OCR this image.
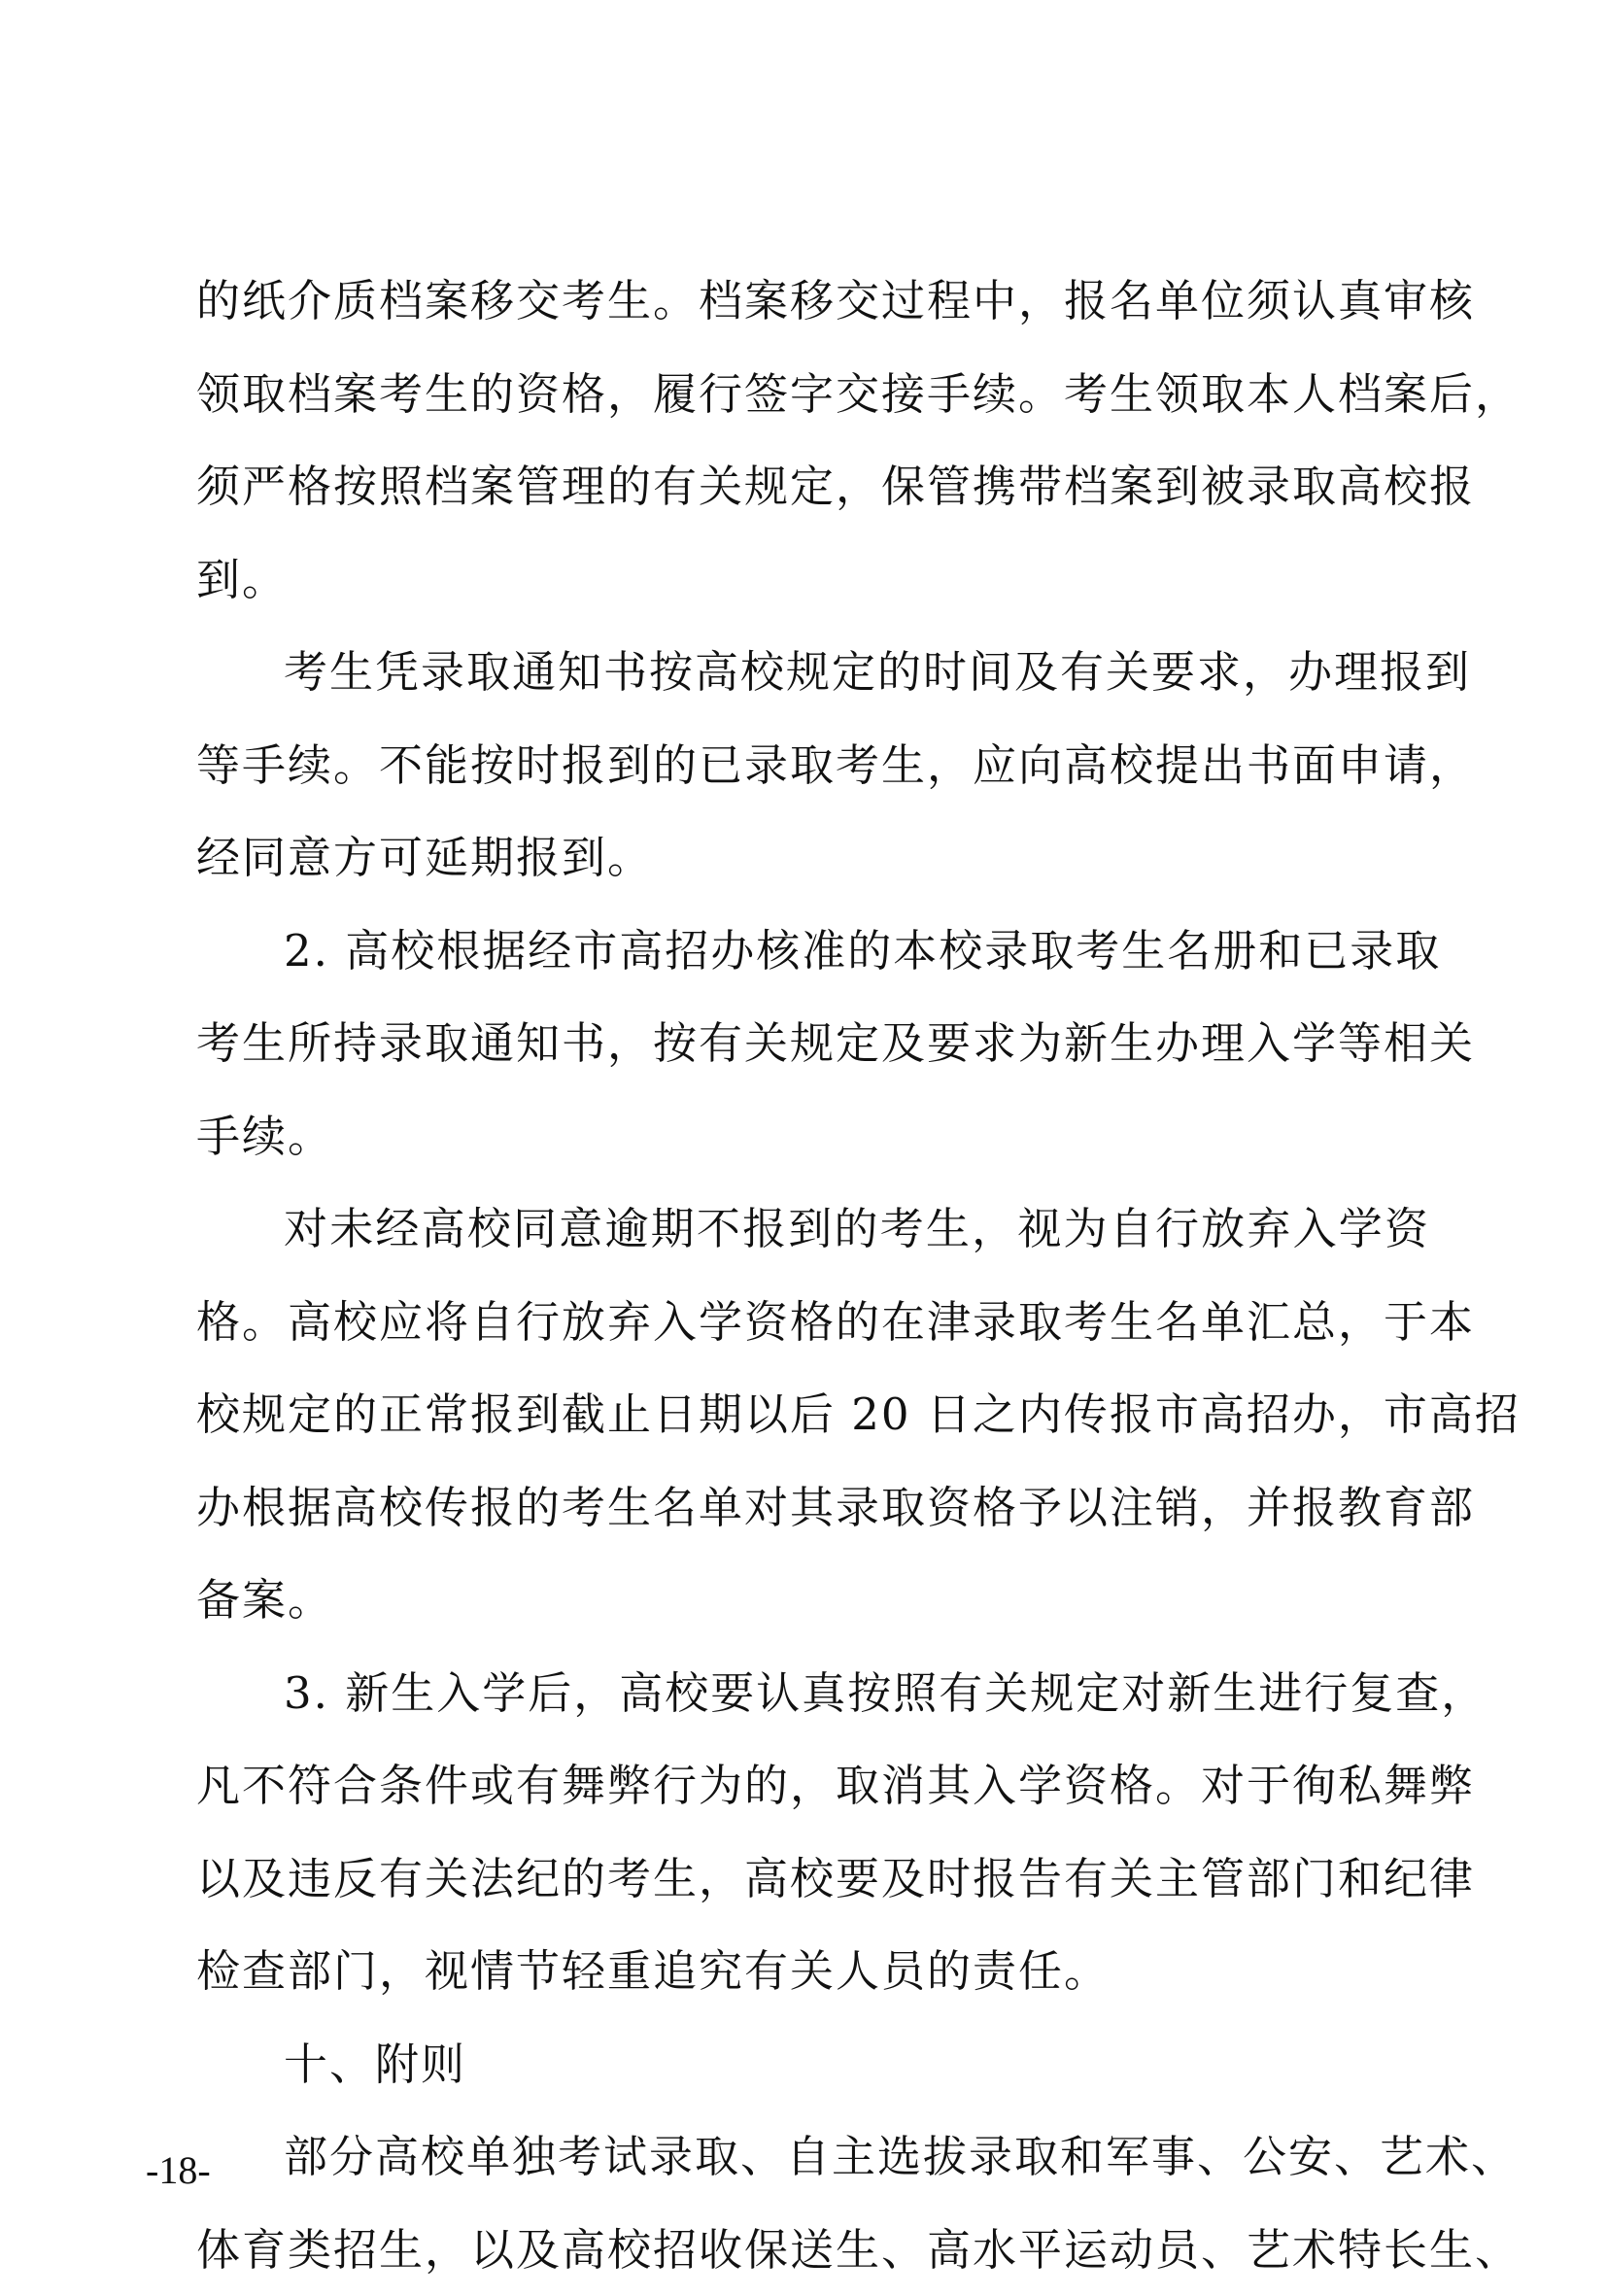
的纸介质档案移交考生。档案移交过程中，报名单位须认真审核
领取档案考生的资格，履行签字交接手续。考生领取本人档案后，
须严格按照档案管理的有关规定，保管携带档案到被录取高校报
到。
考生凭录取通知书按高校规定的时间及有关要求，办理报到
等手续。不能按时报到的已录取考生，应向高校提出书面申请，
经同意方可延期报到。
2. 高校根据经市高招办核准的本校录取考生名册和已录取
考生所持录取通知书，按有关规定及要求为新生办理入学等相关
手续。
对未经高校同意逾期不报到的考生，视为自行放弃入学资
格。高校应将自行放弃入学资格的在津录取考生名单汇总，于本
校规定的正常报到截止日期以后 20 日之内传报市高招办，市高招
办根据高校传报的考生名单对其录取资格予以注销，并报教育部
备案。
3. 新生入学后，高校要认真按照有关规定对新生进行复查，
凡不符合条件或有舞弊行为的，取消其入学资格。对于徇私舞弊
以及违反有关法纪的考生，高校要及时报告有关主管部门和纪律
检查部门，视情节轻重追究有关人员的责任。
十、附则
部分高校单独考试录取、自主选拔录取和军事、公安、艺术、
体育类招生，以及高校招收保送生、高水平运动员、艺术特长生、
-18-
